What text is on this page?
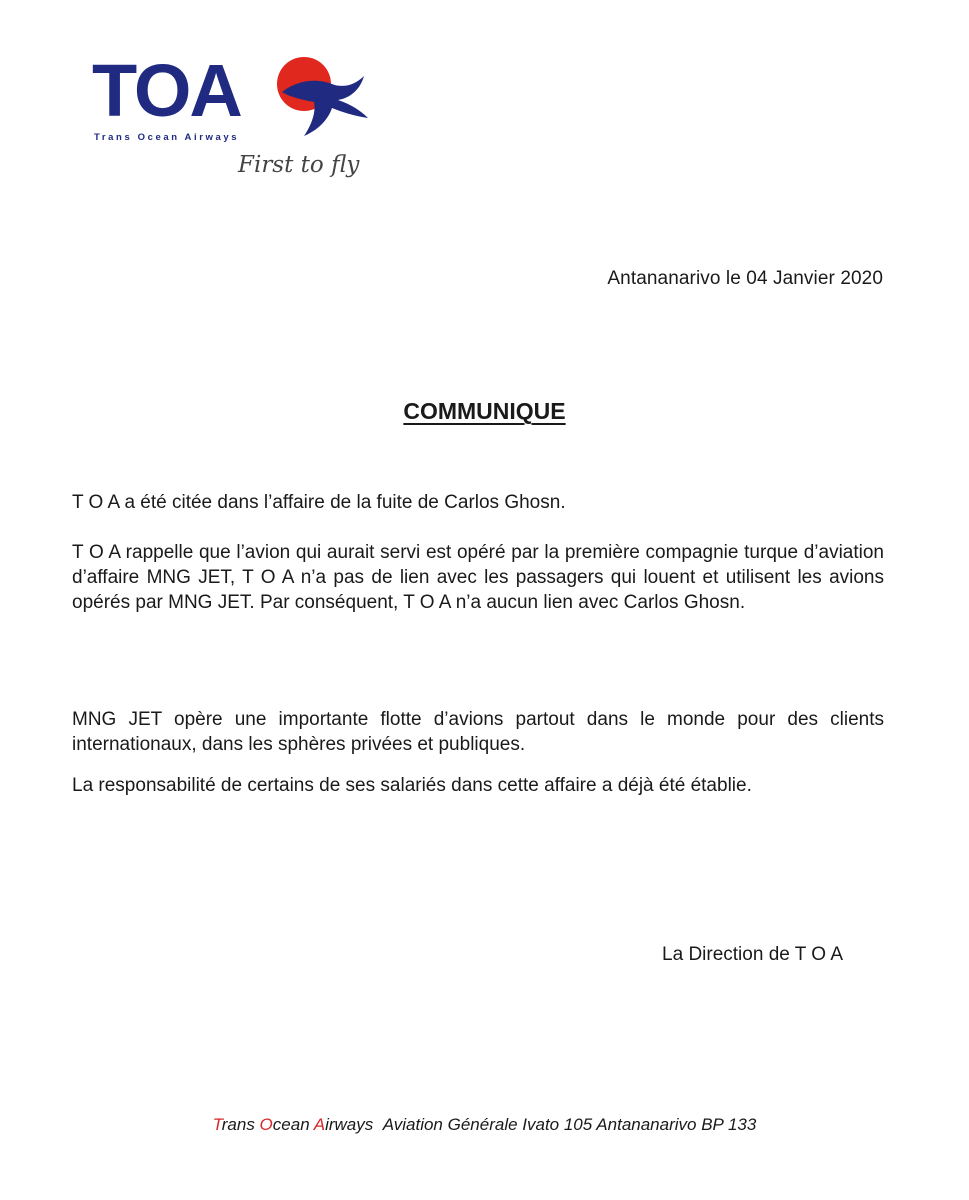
TOA
Trans Ocean Airways
First to fly
Antananarivo le 04 Janvier 2020
COMMUNIQUE

T O A a été citée dans l’affaire de la fuite de Carlos Ghosn.

T O A rappelle que l’avion qui aurait servi est opéré par la première compagnie turque d’aviation d’affaire MNG JET, T O A n’a pas de lien avec les passagers qui louent et utilisent les avions opérés par MNG JET. Par conséquent, T O A n’a aucun lien avec Carlos Ghosn.

MNG JET opère une importante flotte d’avions partout dans le monde pour des clients internationaux, dans les sphères privées et publiques.

La responsabilité de certains de ses salariés dans cette affaire a déjà été établie.

La Direction de T O A
Trans Ocean Airways Aviation Générale Ivato 105 Antananarivo BP 133
